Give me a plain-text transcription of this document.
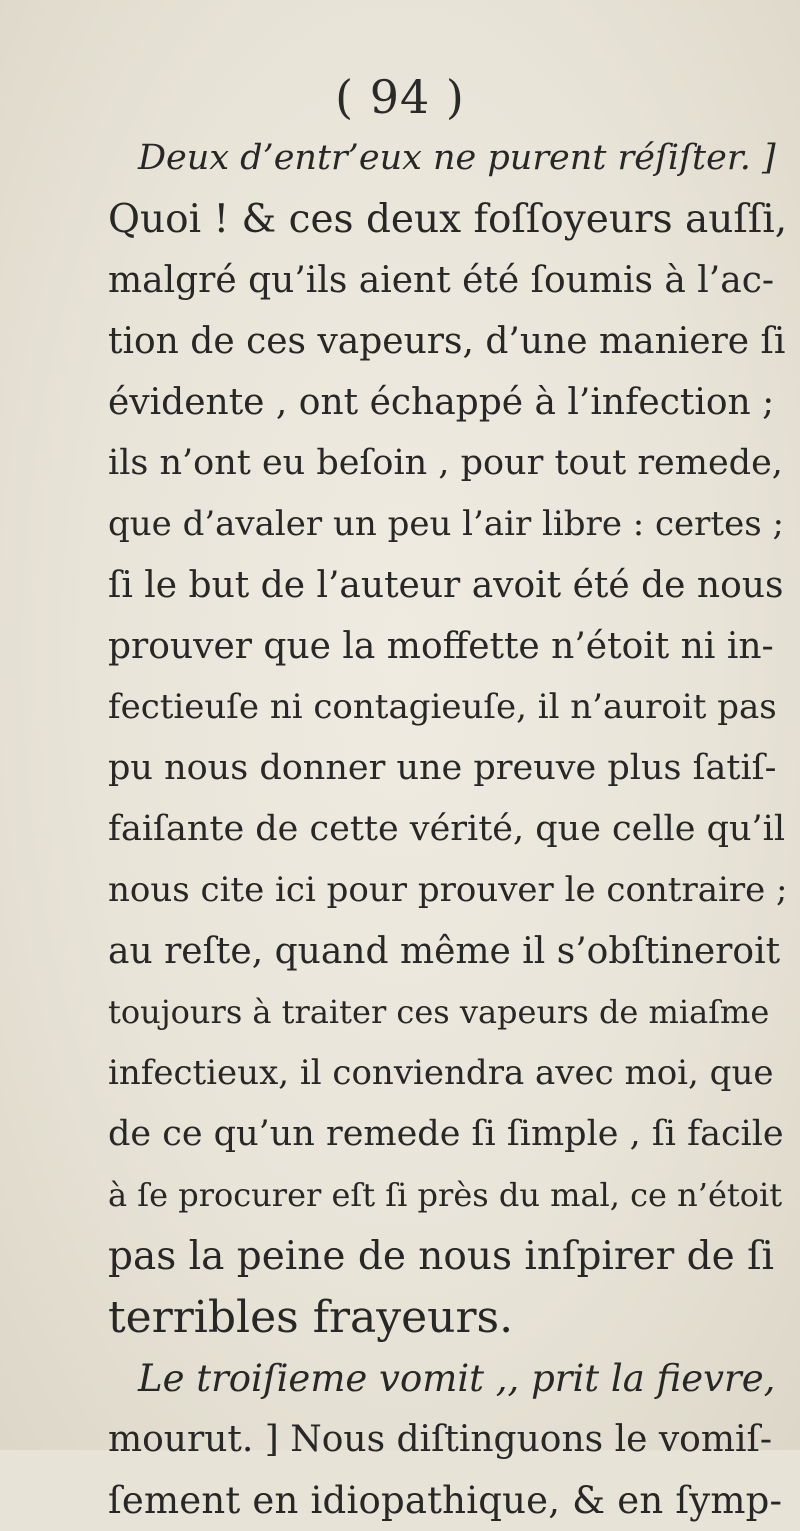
( 94 )
Deux d’entr’eux ne purent réſiſter. ]
Quoi ! & ces deux foſſoyeurs auſſi,
malgré qu’ils aient été ſoumis à l’ac-
tion de ces vapeurs, d’une maniere ſi
évidente , ont échappé à l’infection ;
ils n’ont eu beſoin , pour tout remede,
que d’avaler un peu l’air libre : certes ;
ſi le but de l’auteur avoit été de nous
prouver que la moffette n’étoit ni in-
fectieuſe ni contagieuſe, il n’auroit pas
pu nous donner une preuve plus ſatiſ-
faiſante de cette vérité, que celle qu’il
nous cite ici pour prouver le contraire ;
au reſte, quand même il s’obſtineroit
toujours à traiter ces vapeurs de miaſme
infectieux, il conviendra avec moi, que
de ce qu’un remede ſi ſimple , ſi facile
à ſe procurer eſt ſi près du mal, ce n’étoit
pas la peine de nous inſpirer de ſi
terribles frayeurs.
Le troiſieme vomit ,, prit la fievre,
mourut. ] Nous diſtinguons le vomiſ-
ſement en idiopathique, & en ſymp-
